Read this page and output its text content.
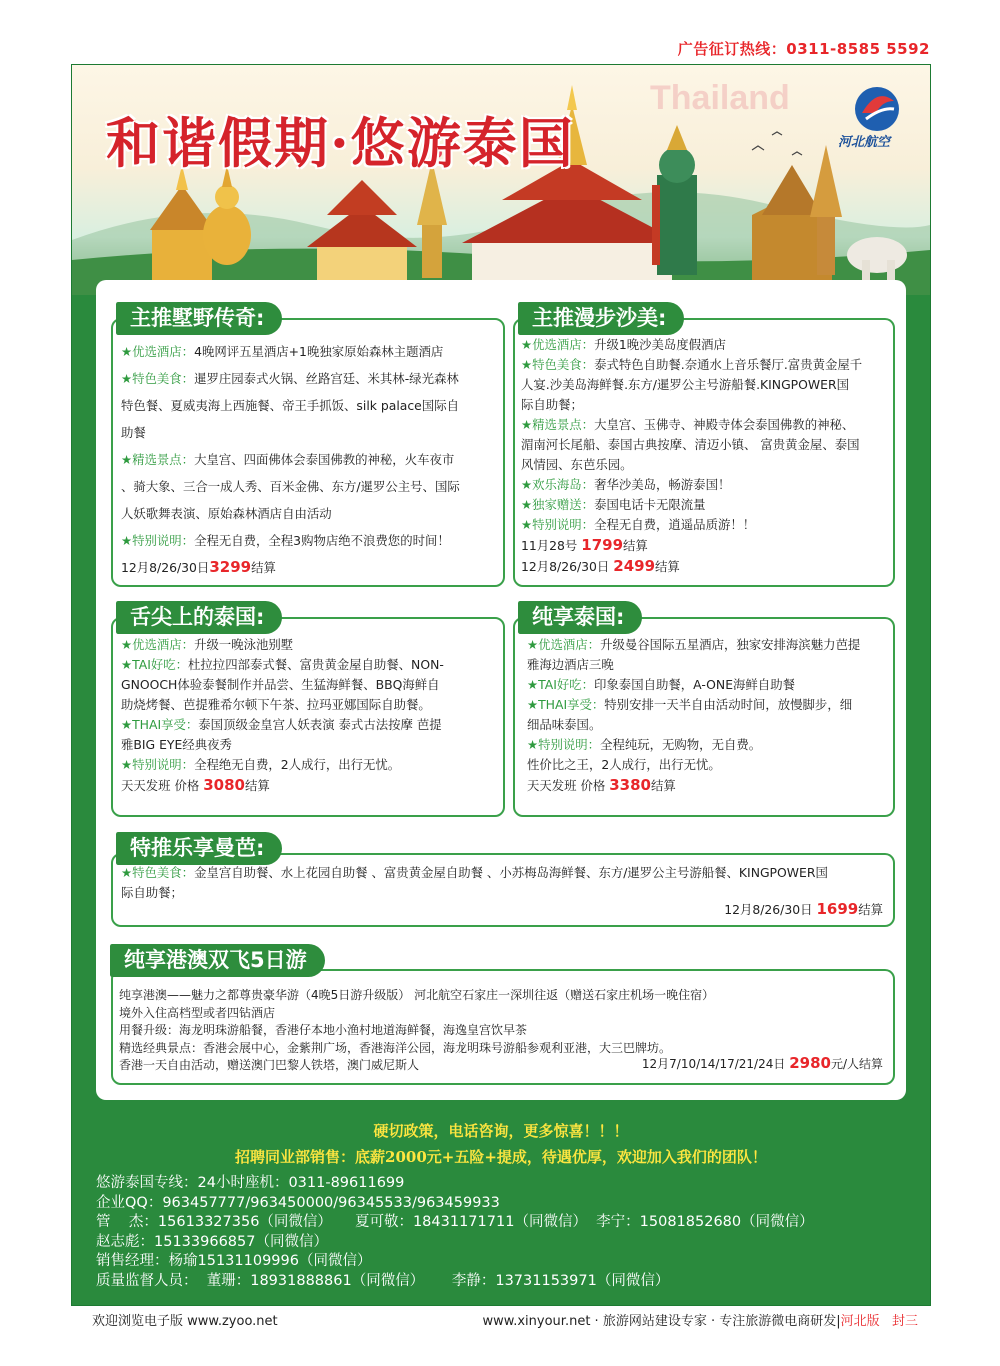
广告征订热线：0311-8585 5592
Thailand
和谐假期·悠游泰国	河北航空
★优选酒店：4晚网评五星酒店+1晚独家原始森林主题酒店
★特色美食：暹罗庄园泰式火锅、丝路宫廷、米其林-绿光森林
特色餐、夏威夷海上西施餐、帝王手抓饭、silk palace国际自
助餐
★精选景点：大皇宫、四面佛体会泰国佛教的神秘，火车夜市
、骑大象、三合一成人秀、百米金佛、东方/暹罗公主号、国际
人妖歌舞表演、原始森林酒店自由活动
★特别说明：全程无自费，全程3购物店绝不浪费您的时间！
12月8/26/30日3299结算
主推墅野传奇:
★优选酒店：升级1晚沙美岛度假酒店
★特色美食：泰式特色自助餐.奈通水上音乐餐厅.富贵黄金屋千
人宴.沙美岛海鲜餐.东方/暹罗公主号游船餐.KINGPOWER国
际自助餐；
★精选景点：大皇宫、玉佛寺、神殿寺体会泰国佛教的神秘、
湄南河长尾船、泰国古典按摩、清迈小镇、 富贵黄金屋、泰国
风情园、东芭乐园。
★欢乐海岛：奢华沙美岛，畅游泰国！
★独家赠送：泰国电话卡无限流量
★特别说明：全程无自费，逍遥品质游！！
11月28号 1799结算
12月8/26/30日 2499结算
主推漫步沙美:
★优选酒店：升级一晚泳池别墅
★TAI好吃：杜拉拉四部泰式餐、富贵黄金屋自助餐、NON-
GNOOCH体验泰餐制作并品尝、生猛海鲜餐、BBQ海鲜自
助烧烤餐、芭提雅希尔顿下午茶、拉玛亚娜国际自助餐。
★THAI享受：泰国顶级金皇宫人妖表演 泰式古法按摩 芭提
雅BIG EYE经典夜秀
★特别说明：全程绝无自费，2人成行，出行无忧。
天天发班 价格 3080结算
舌尖上的泰国:
★优选酒店：升级曼谷国际五星酒店，独家安排海滨魅力芭提
雅海边酒店三晚
★TAI好吃：印象泰国自助餐，A-ONE海鲜自助餐
★THAI享受：特别安排一天半自由活动时间，放慢脚步，细
细品味泰国。
★特别说明：全程纯玩，无购物，无自费。
性价比之王，2人成行，出行无忧。
天天发班 价格 3380结算
纯享泰国:
★特色美食：金皇宫自助餐、水上花园自助餐 、富贵黄金屋自助餐 、小苏梅岛海鲜餐、东方/暹罗公主号游船餐、KINGPOWER国
际自助餐；
12月8/26/30日 1699结算
特推乐享曼芭:
纯享港澳——魅力之都尊贵豪华游（4晚5日游升级版） 河北航空石家庄一深圳往返（赠送石家庄机场一晚住宿）
境外入住高档型或者四钻酒店
用餐升级：海龙明珠游船餐，香港仔本地小渔村地道海鲜餐，海逸皇宫饮早茶
精选经典景点：香港会展中心，金紫荆广场，香港海洋公园，海龙明珠号游船参观利亚港，大三巴牌坊。
香港一天自由活动，赠送澳门巴黎人铁塔，澳门威尼斯人	12月7/10/14/17/21/24日 2980元/人结算
纯享港澳双飞5日游
硬切政策，电话咨询，更多惊喜！！！
招聘同业部销售：底薪2000元+五险+提成，待遇优厚，欢迎加入我们的团队！
悠游泰国专线：24小时座机：0311-89611699
企业QQ：963457777/963450000/96345533/963459933
管    杰：15613327356（同微信）     夏可敬：18431171711（同微信）  李宁：15081852680（同微信）
赵志彪：15133966857（同微信）
销售经理：杨瑜15131109996（同微信）
质量监督人员：  董珊：18931888861（同微信）      李静：13731153971（同微信）
欢迎浏览电子版 www.zyoo.net	www.xinyour.net · 旅游网站建设专家 · 专注旅游微电商研发|河北版   封三
